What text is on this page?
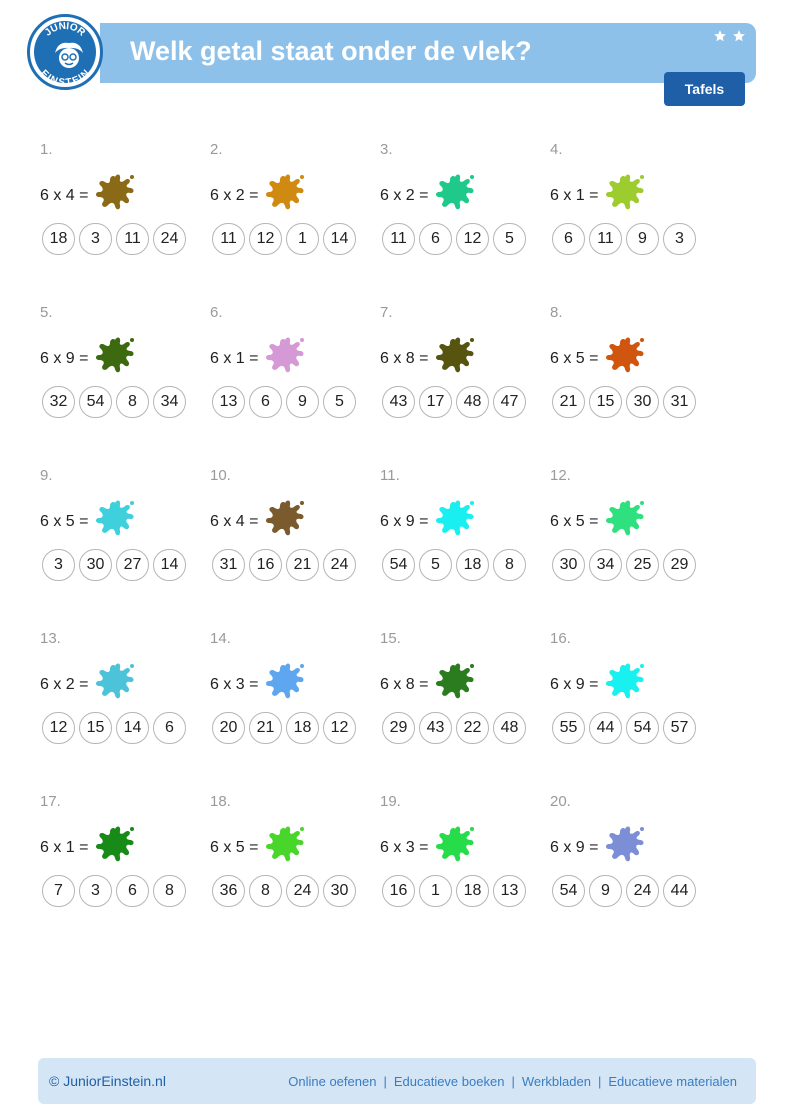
Welk getal staat onder de vlek?
JUNIOR
EINSTEIN
Tafels
1.
6 x 4 =
18	3	11	24
2.
6 x 2 =
11	12	1	14
3.
6 x 2 =
11	6	12	5
4.
6 x 1 =
6	11	9	3
5.
6 x 9 =
32	54	8	34
6.
6 x 1 =
13	6	9	5
7.
6 x 8 =
43	17	48	47
8.
6 x 5 =
21	15	30	31
9.
6 x 5 =
3	30	27	14
10.
6 x 4 =
31	16	21	24
11.
6 x 9 =
54	5	18	8
12.
6 x 5 =
30	34	25	29
13.
6 x 2 =
12	15	14	6
14.
6 x 3 =
20	21	18	12
15.
6 x 8 =
29	43	22	48
16.
6 x 9 =
55	44	54	57
17.
6 x 1 =
7	3	6	8
18.
6 x 5 =
36	8	24	30
19.
6 x 3 =
16	1	18	13
20.
6 x 9 =
54	9	24	44
© JuniorEinstein.nl	Online oefenen | Educatieve boeken | Werkbladen | Educatieve materialen
